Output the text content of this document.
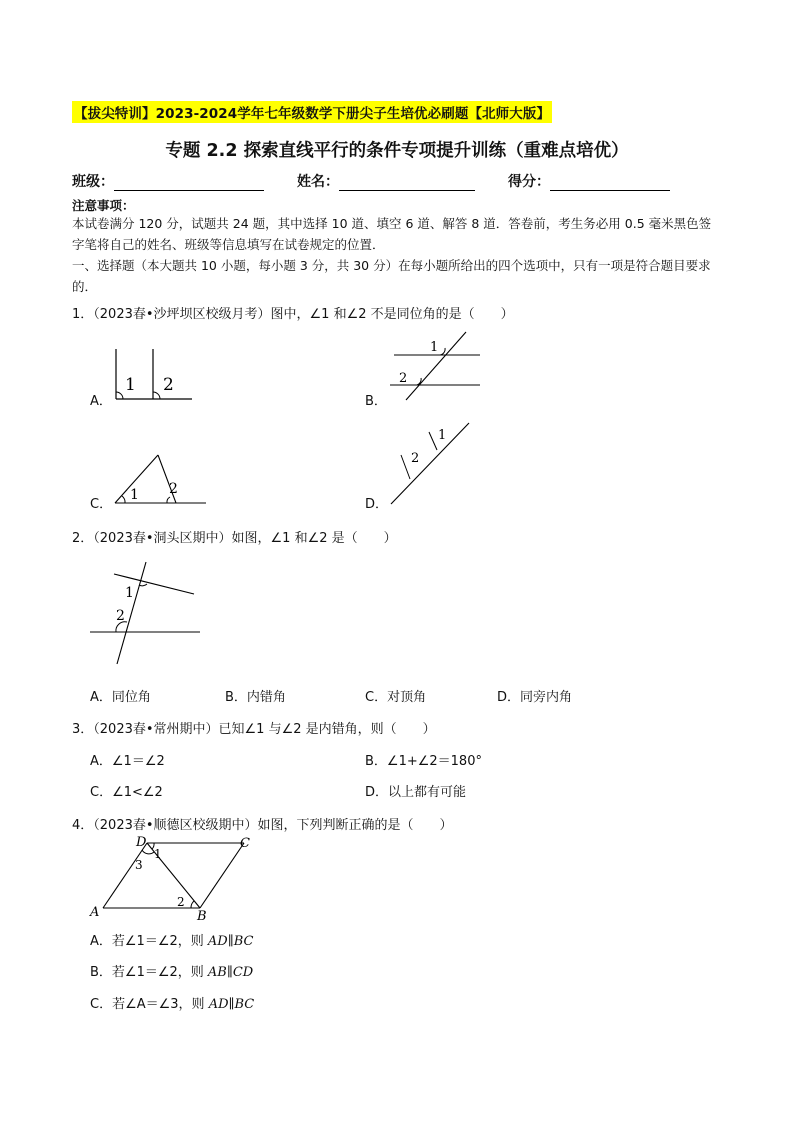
【拔尖特训】2023-2024学年七年级数学下册尖子生培优必刷题【北师大版】
专题 2.2 探索直线平行的条件专项提升训练（重难点培优）
班级：	姓名：	得分：
注意事项：
本试卷满分 120 分，试题共 24 题，其中选择 10 道、填空 6 道、解答 8 道．答卷前，考生务必用 0.5 毫米黑色签字笔将自己的姓名、班级等信息填写在试卷规定的位置．
一、选择题（本大题共 10 小题，每小题 3 分，共 30 分）在每小题所给出的四个选项中，只有一项是符合题目要求的．
1．（2023春•沙坪坝区校级月考）图中，∠1 和∠2 不是同位角的是（　　）
A．
1 2
B．
1
2
C．
1 2
D．
1
2
2．（2023春•洞头区期中）如图，∠1 和∠2 是（　　）
1
2
A．同位角	B．内错角	C．对顶角	D．同旁内角
3．（2023春•常州期中）已知∠1 与∠2 是内错角，则（　　）
A．∠1＝∠2	B．∠1+∠2＝180°
C．∠1<∠2	D．以上都有可能
4．（2023春•顺德区校级期中）如图，下列判断正确的是（　　）
D	C
A	B
1
2
3
A．若∠1＝∠2，则 AD∥BC
B．若∠1＝∠2，则 AB∥CD
C．若∠A＝∠3，则 AD∥BC
